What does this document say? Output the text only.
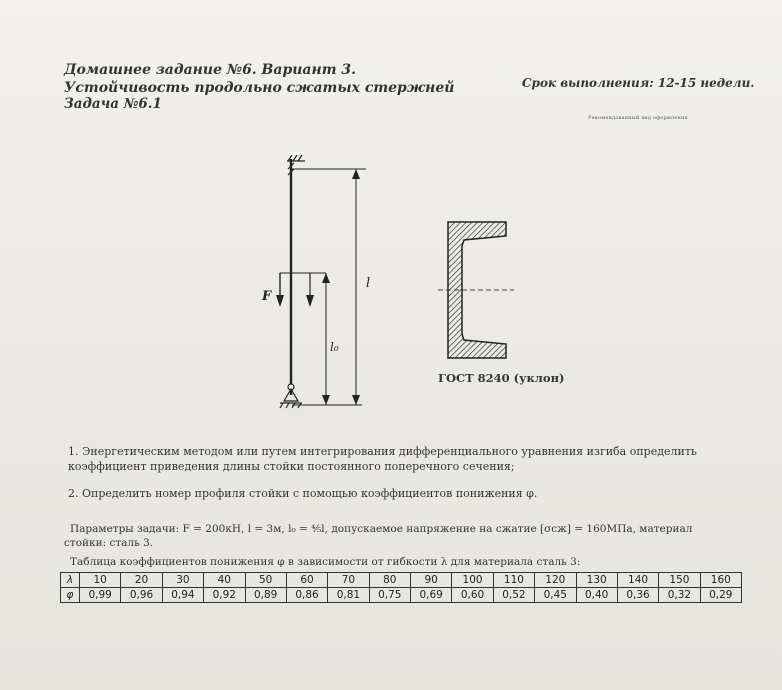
Домашнее задание №6. Вариант 3.
Устойчивость продольно сжатых стержней
Задача №6.1
Срок выполнения: 12-15 недели.
Рекомендованный вид оформления
F
l₀
l
ГОСТ 8240 (уклон)
1. Энергетическим методом или путем интегрирования дифференциального уравнения изгиба определить коэффициент приведения длины стойки постоянного поперечного сечения;
2. Определить номер профиля стойки с помощью коэффициентов понижения φ.
Параметры задачи: F = 200кН, l = 3м, l₀ = ⅘l, допускаемое напряжение на сжатие [σсж] = 160МПа, материал
стойки: сталь 3.
Таблица коэффициентов понижения φ в зависимости от гибкости λ для материала сталь 3:
λ	10	20	30	40	50	60	70	80	90	100	110	120	130	140	150	160
φ	0,99	0,96	0,94	0,92	0,89	0,86	0,81	0,75	0,69	0,60	0,52	0,45	0,40	0,36	0,32	0,29
